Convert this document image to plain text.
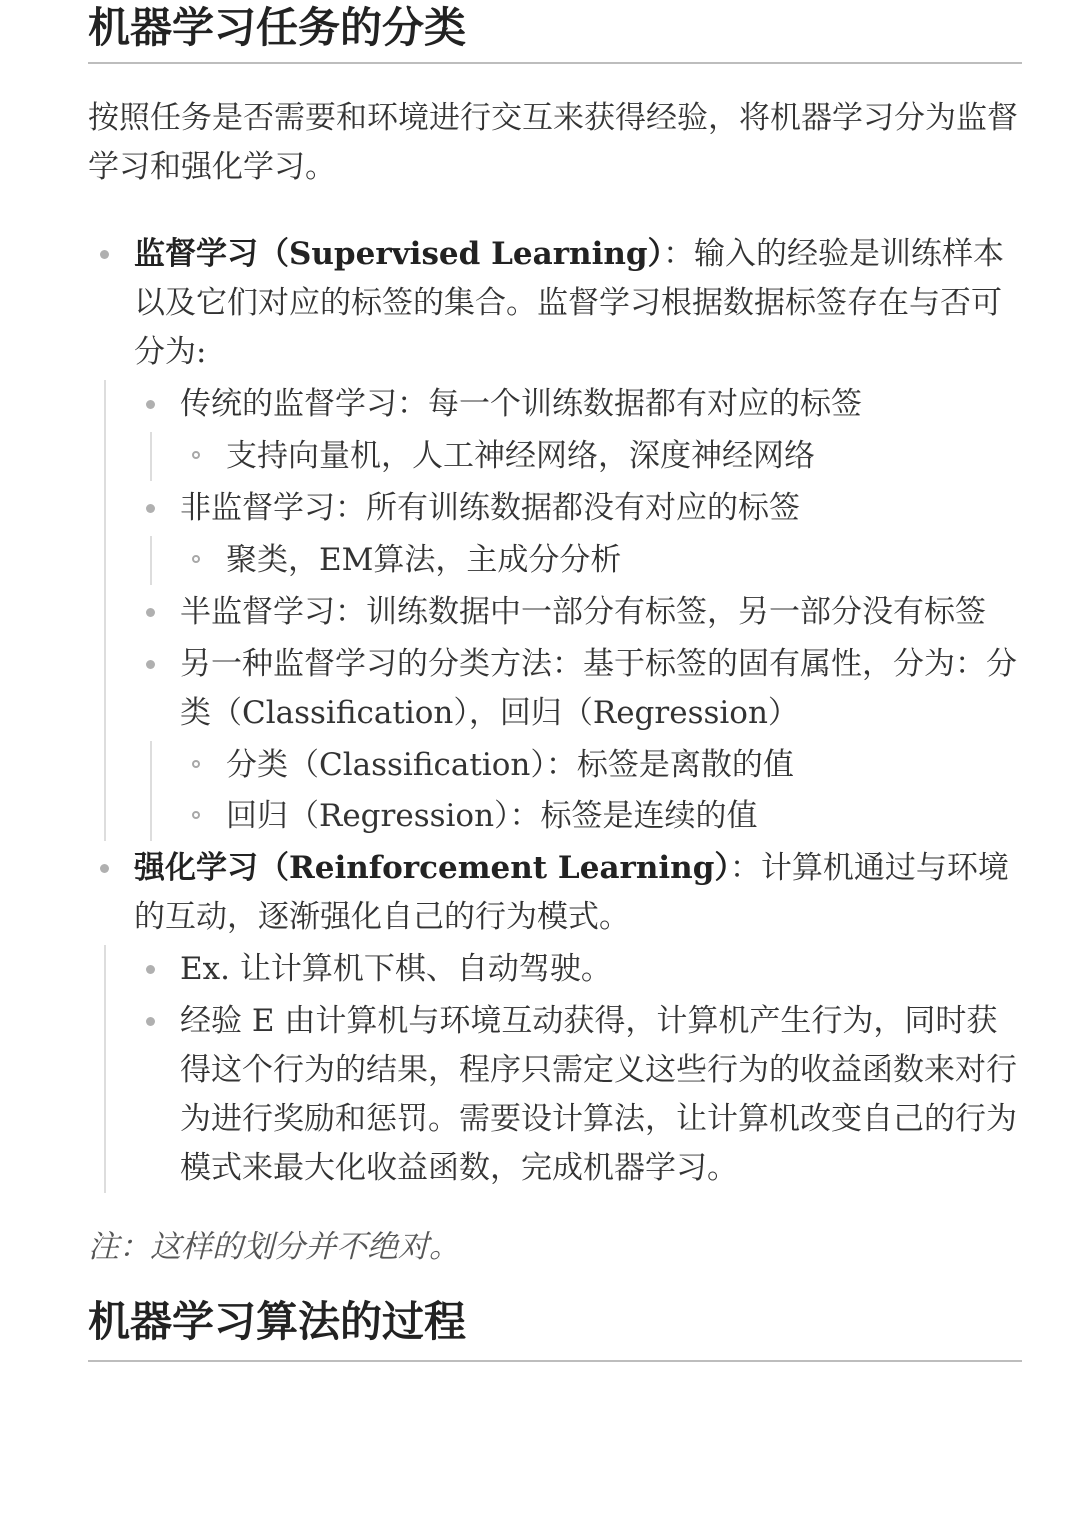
机器学习任务的分类

按照任务是否需要和环境进行交互来获得经验，将机器学习分为监督学习和强化学习。

监督学习（Supervised Learning）：输入的经验是训练样本以及它们对应的标签的集合。监督学习根据数据标签存在与否可分为:
传统的监督学习：每一个训练数据都有对应的标签
支持向量机，人工神经网络，深度神经网络
非监督学习：所有训练数据都没有对应的标签
聚类，EM算法，主成分分析
半监督学习：训练数据中一部分有标签，另一部分没有标签
另一种监督学习的分类方法：基于标签的固有属性，分为：分类（Classification），回归（Regression）
分类（Classification）：标签是离散的值
回归（Regression）：标签是连续的值
强化学习（Reinforcement Learning）：计算机通过与环境的互动，逐渐强化自己的行为模式。
Ex. 让计算机下棋、自动驾驶。
经验 E 由计算机与环境互动获得，计算机产生行为，同时获得这个行为的结果，程序只需定义这些行为的收益函数来对行为进行奖励和惩罚。需要设计算法，让计算机改变自己的行为模式来最大化收益函数，完成机器学习。

注：这样的划分并不绝对。

机器学习算法的过程
